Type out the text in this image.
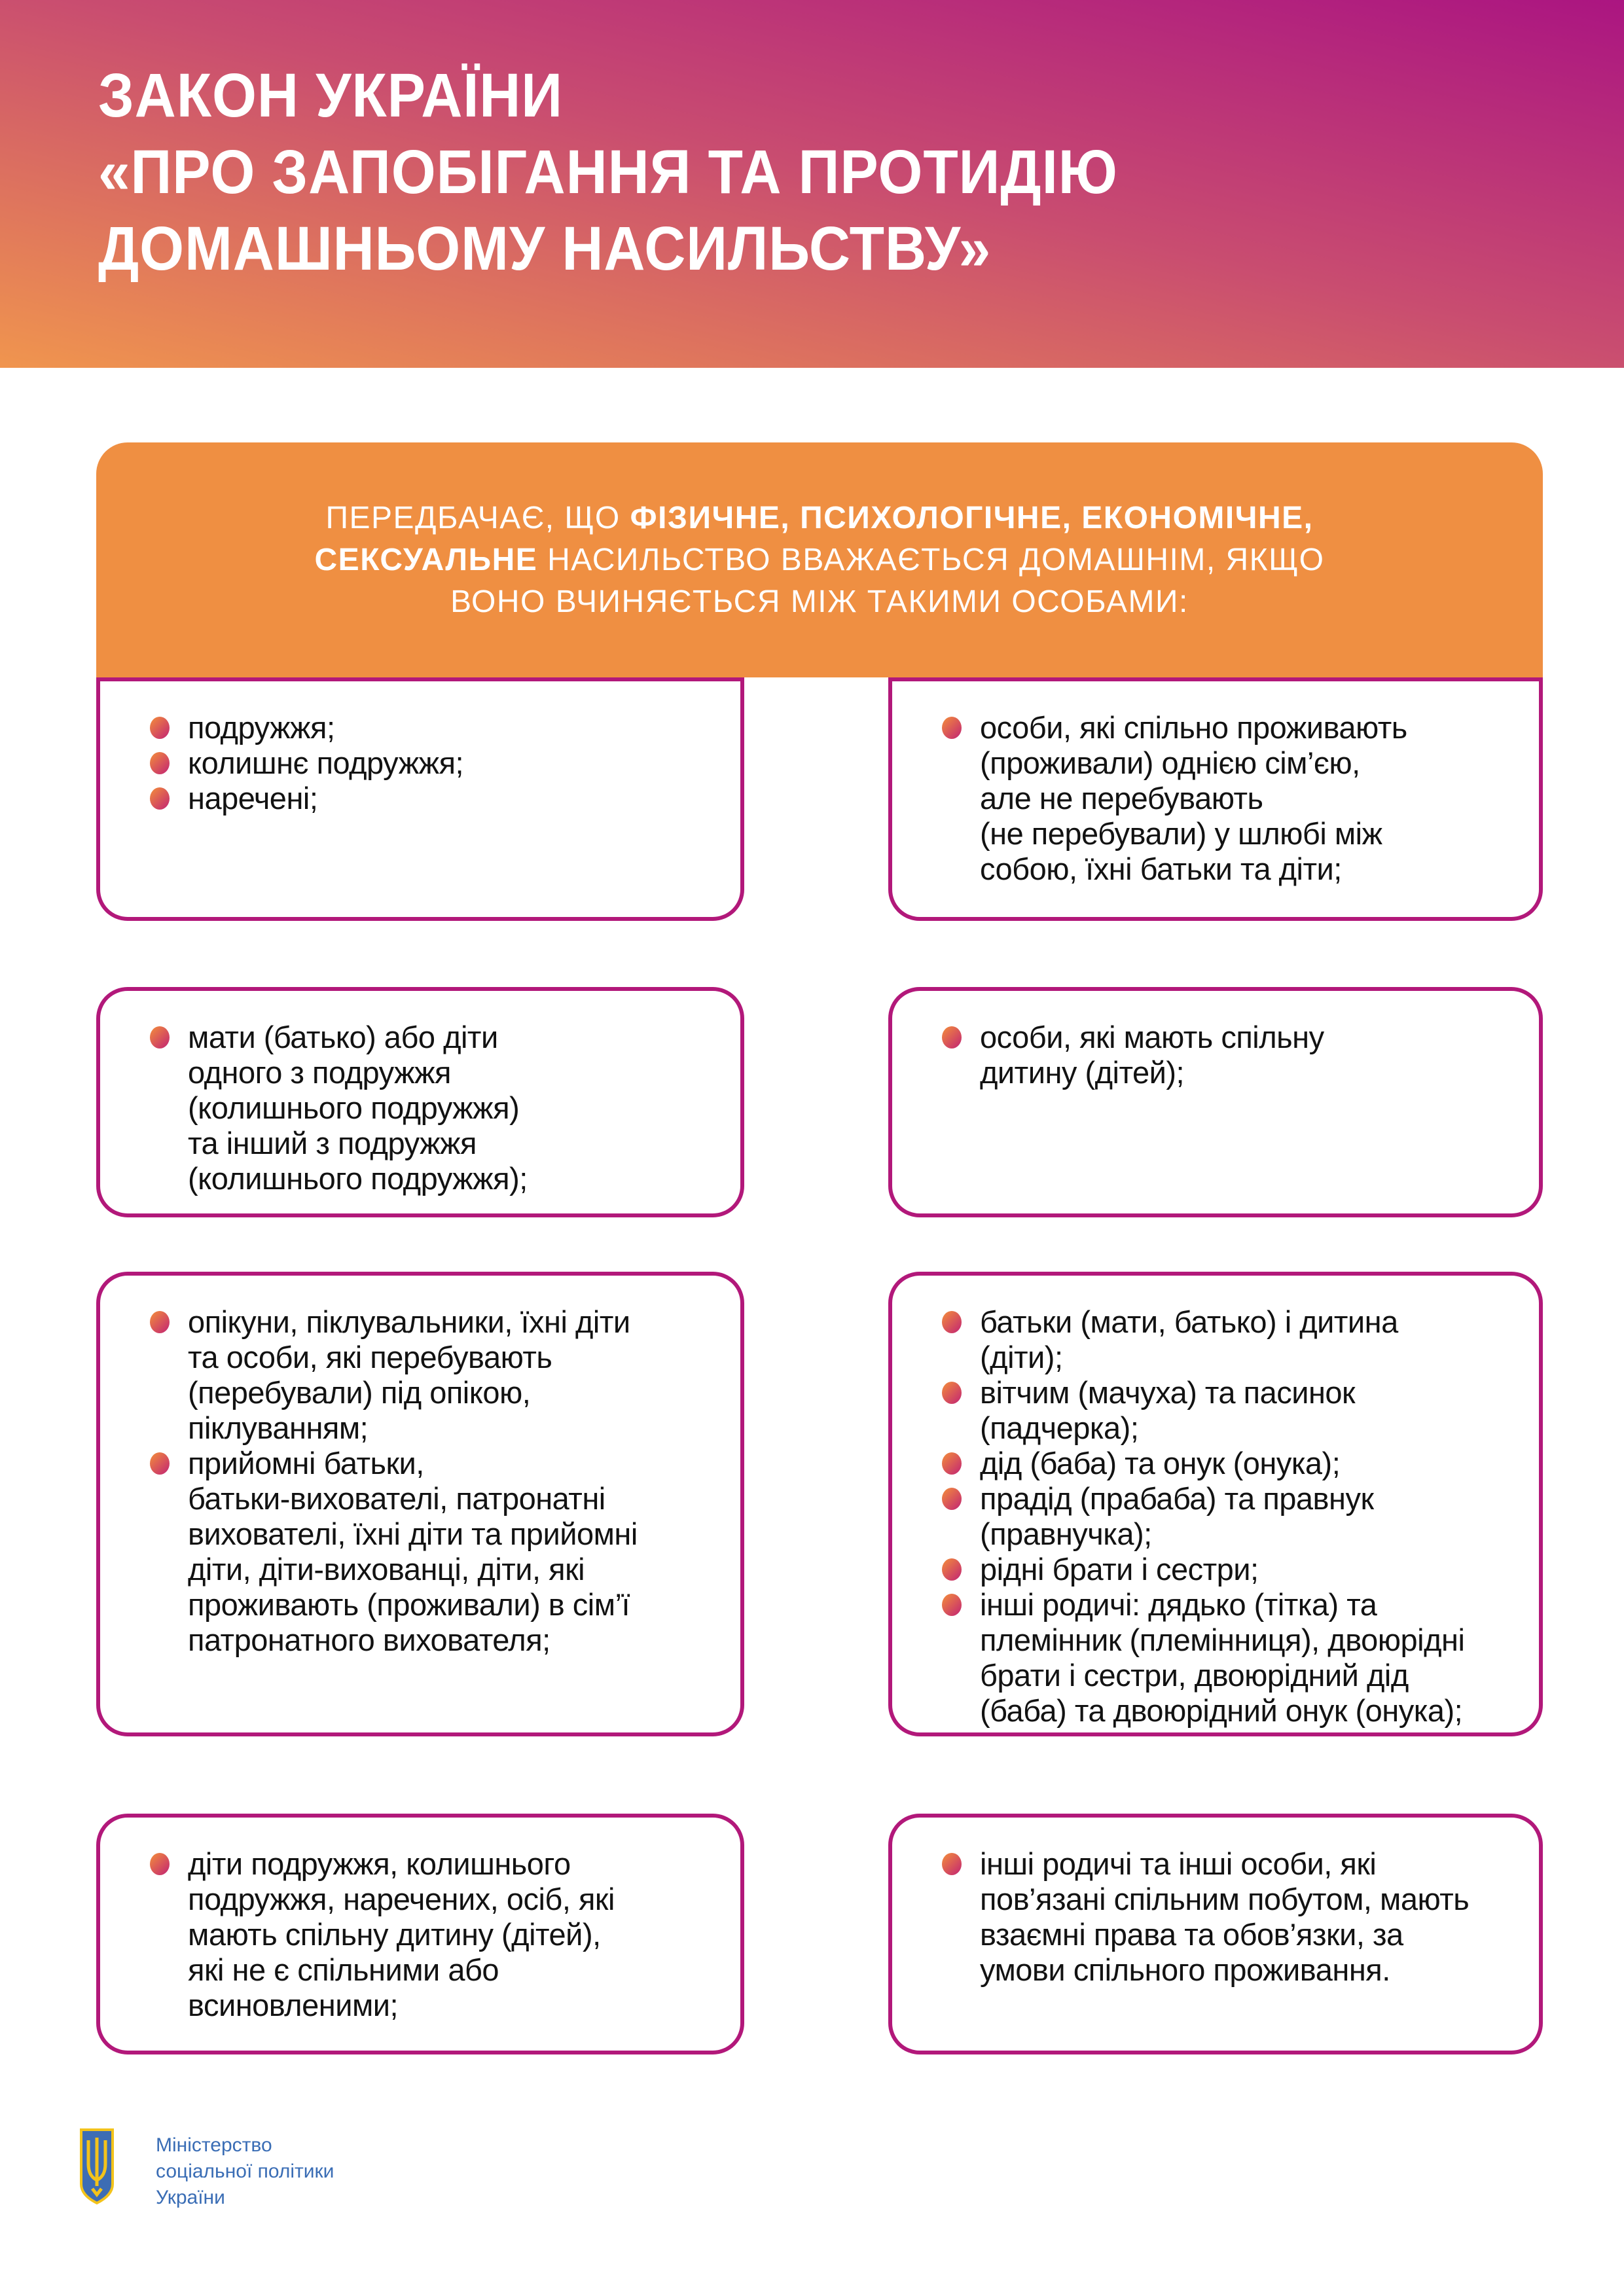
ЗАКОН УКРАЇНИ
«ПРО ЗАПОБІГАННЯ ТА ПРОТИДІЮ
ДОМАШНЬОМУ НАСИЛЬСТВУ»
ПЕРЕДБАЧАЄ, ЩО ФІЗИЧНЕ, ПСИХОЛОГІЧНЕ, ЕКОНОМІЧНЕ,
СЕКСУАЛЬНЕ НАСИЛЬСТВО ВВАЖАЄТЬСЯ ДОМАШНІМ, ЯКЩО
ВОНО ВЧИНЯЄТЬСЯ МІЖ ТАКИМИ ОСОБАМИ:
подружжя;
колишнє подружжя;
наречені;
особи, які спільно проживають
(проживали) однією сім’єю,
але не перебувають
(не перебували) у шлюбі між
собою, їхні батьки та діти;
мати (батько) або діти
одного з подружжя
(колишнього подружжя)
та інший з подружжя
(колишнього подружжя);
особи, які мають спільну
дитину (дітей);
опікуни, піклувальники, їхні діти
та особи, які перебувають
(перебували) під опікою,
піклуванням;
прийомні батьки,
батьки-вихователі, патронатні
вихователі, їхні діти та прийомні
діти, діти-вихованці, діти, які
проживають (проживали) в сім’ї
патронатного вихователя;
батьки (мати, батько) і дитина
(діти);
вітчим (мачуха) та пасинок
(падчерка);
дід (баба) та онук (онука);
прадід (прабаба) та правнук
(правнучка);
рідні брати і сестри;
інші родичі: дядько (тітка) та
племінник (племінниця), двоюрідні
брати і сестри, двоюрідний дід
(баба) та двоюрідний онук (онука);
діти подружжя, колишнього
подружжя, наречених, осіб, які
мають спільну дитину (дітей),
які не є спільними або
всиновленими;
інші родичі та інші особи, які
пов’язані спільним побутом, мають
взаємні права та обов’язки, за
умови спільного проживання.
Міністерство
соціальної політики
України
